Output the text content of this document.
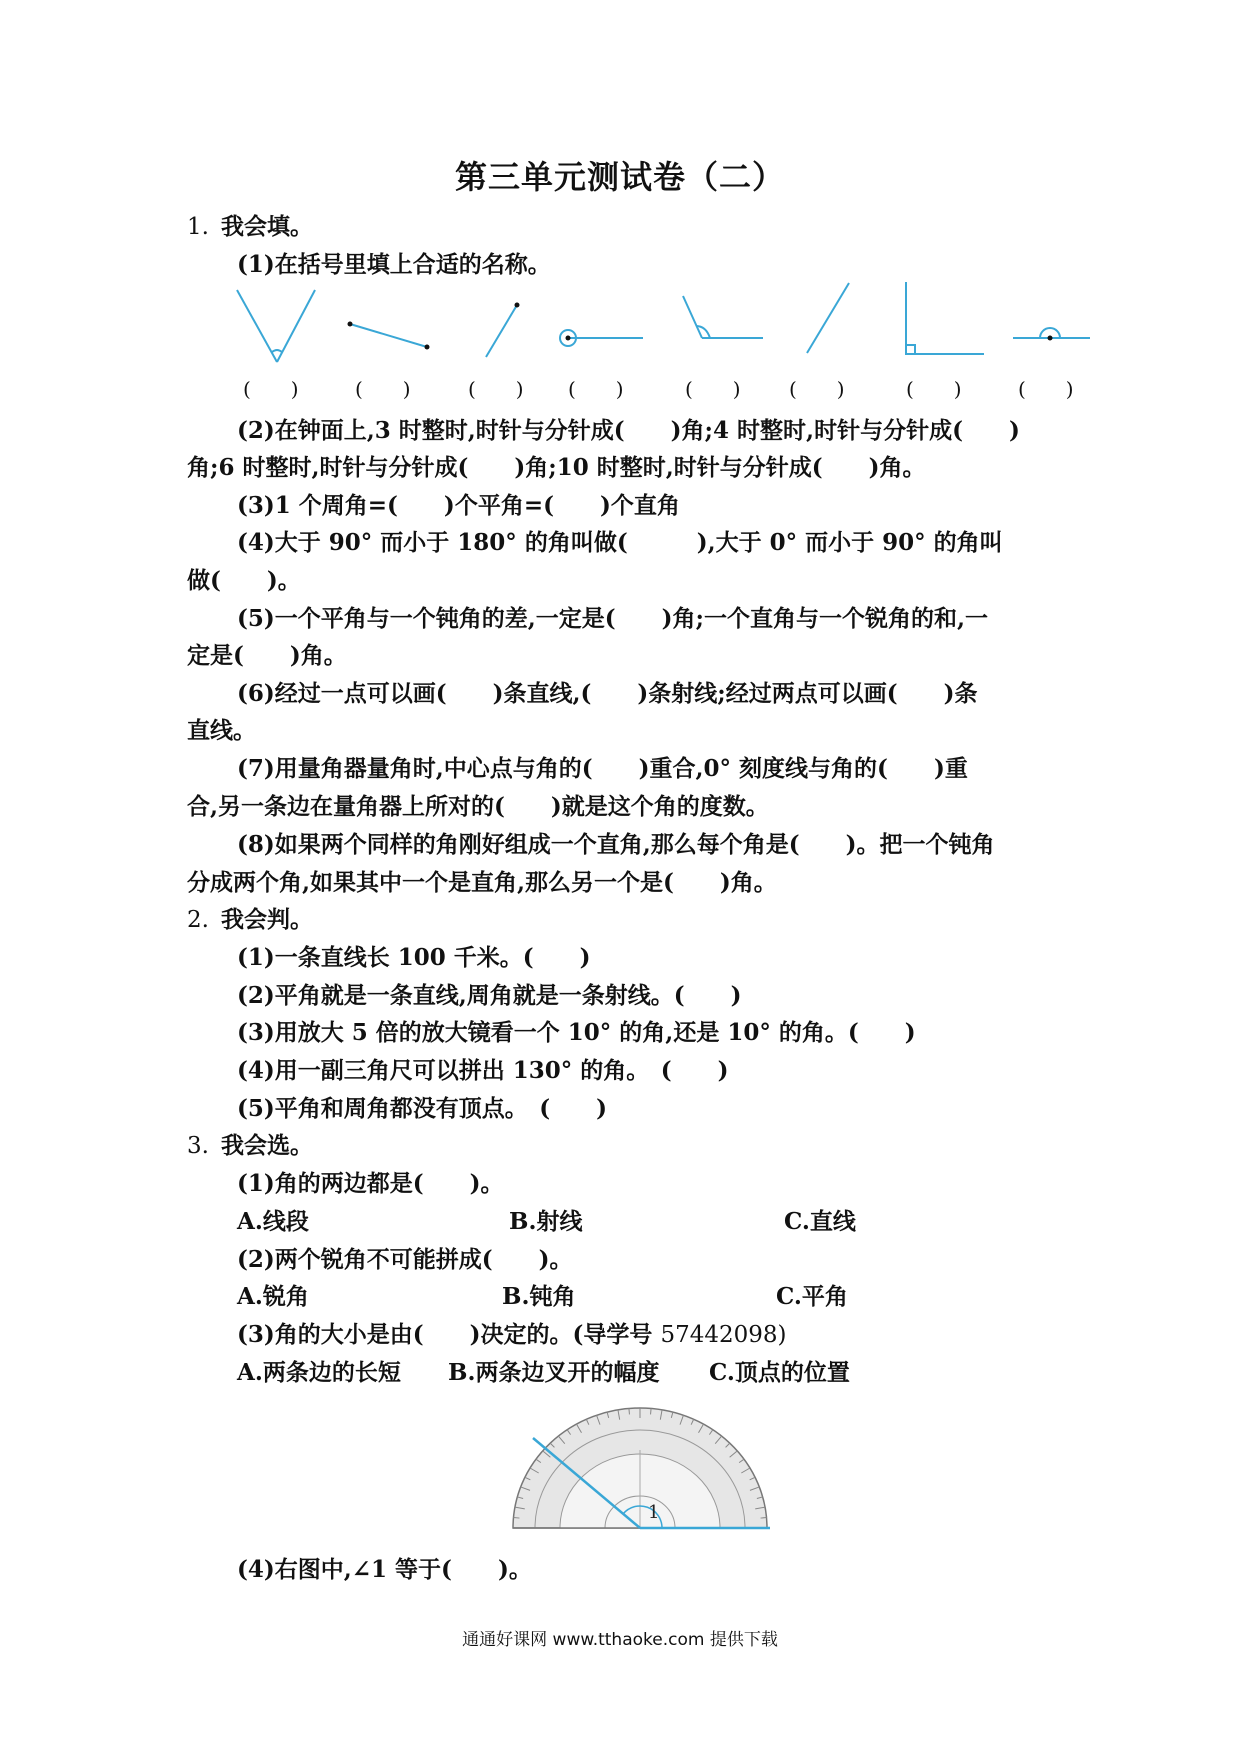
第三单元测试卷（二）
1. 我会填。
(1)在括号里填上合适的名称。
(　　)	(　　)	(　　) (　　)	(　　) (　　)	(　　)	(　　)
(2)在钟面上,3 时整时,时针与分针成(　　)角;4 时整时,时针与分针成(　　)
角;6 时整时,时针与分针成(　　)角;10 时整时,时针与分针成(　　)角。
(3)1 个周角=(　　)个平角=(　　)个直角
(4)大于 90° 而小于 180° 的角叫做(　　　),大于 0° 而小于 90° 的角叫
做(　　)。
(5)一个平角与一个钝角的差,一定是(　　)角;一个直角与一个锐角的和,一
定是(　　)角。
(6)经过一点可以画(　　)条直线,(　　)条射线;经过两点可以画(　　)条
直线。
(7)用量角器量角时,中心点与角的(　　)重合,0° 刻度线与角的(　　)重
合,另一条边在量角器上所对的(　　)就是这个角的度数。
(8)如果两个同样的角刚好组成一个直角,那么每个角是(　　)。把一个钝角
分成两个角,如果其中一个是直角,那么另一个是(　　)角。
2. 我会判。
(1)一条直线长 100 千米。(　　)
(2)平角就是一条直线,周角就是一条射线。(　　)
(3)用放大 5 倍的放大镜看一个 10° 的角,还是 10° 的角。(　　)
(4)用一副三角尺可以拼出 130° 的角。　(　　)
(5)平角和周角都没有顶点。　(　　)
3. 我会选。
(1)角的两边都是(　　)。
A.线段	B.射线	C.直线
(2)两个锐角不可能拼成(　　)。
A.锐角	B.钝角	C.平角
(3)角的大小是由(　　)决定的。(导学号 57442098)
A.两条边的长短 B.两条边叉开的幅度 C.顶点的位置
1
(4)右图中,∠1 等于(　　)。
通通好课网 www.tthaoke.com 提供下载
